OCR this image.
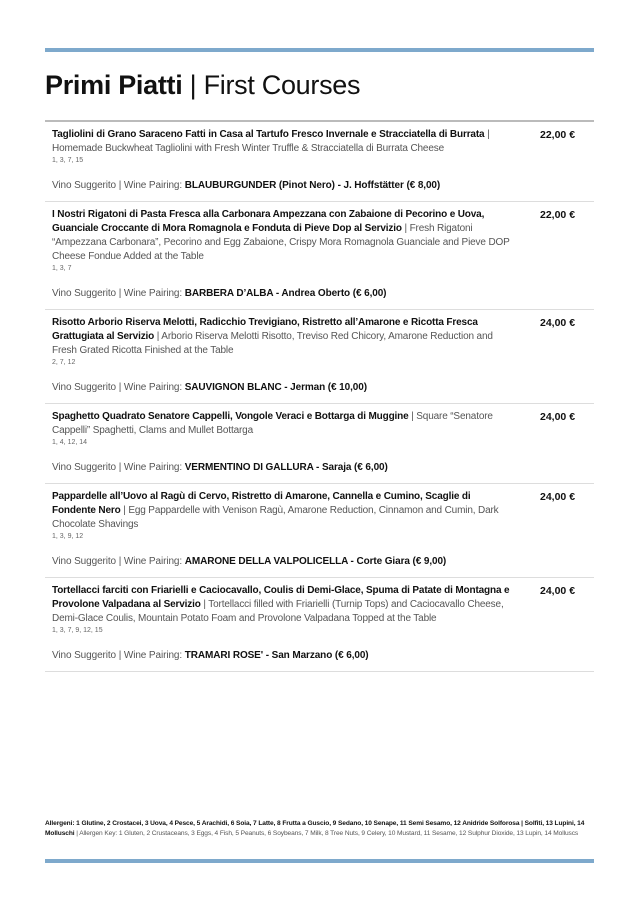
Primi Piatti | First Courses
Tagliolini di Grano Saraceno Fatti in Casa al Tartufo Fresco Invernale e Stracciatella di Burrata | Homemade Buckwheat Tagliolini with Fresh Winter Truffle & Stracciatella di Burrata Cheese
1, 3, 7, 15
22,00 €
Vino Suggerito | Wine Pairing: BLAUBURGUNDER (Pinot Nero) - J. Hoffstätter (€ 8,00)
I Nostri Rigatoni di Pasta Fresca alla Carbonara Ampezzana con Zabaione di Pecorino e Uova, Guanciale Croccante di Mora Romagnola e Fonduta di Pieve Dop al Servizio | Fresh Rigatoni “Ampezzana Carbonara”, Pecorino and Egg Zabaione, Crispy Mora Romagnola Guanciale and Pieve DOP Cheese Fondue Added at the Table
1, 3, 7
22,00 €
Vino Suggerito | Wine Pairing: BARBERA D’ALBA - Andrea Oberto (€ 6,00)
Risotto Arborio Riserva Melotti, Radicchio Trevigiano, Ristretto all’Amarone e Ricotta Fresca Grattugiata al Servizio | Arborio Riserva Melotti Risotto, Treviso Red Chicory, Amarone Reduction and Fresh Grated Ricotta Finished at the Table
2, 7, 12
24,00 €
Vino Suggerito | Wine Pairing: SAUVIGNON BLANC - Jerman (€ 10,00)
Spaghetto Quadrato Senatore Cappelli, Vongole Veraci e Bottarga di Muggine | Square “Senatore Cappelli” Spaghetti, Clams and Mullet Bottarga
1, 4, 12, 14
24,00 €
Vino Suggerito | Wine Pairing: VERMENTINO DI GALLURA - Saraja (€ 6,00)
Pappardelle all’Uovo al Ragù di Cervo, Ristretto di Amarone, Cannella e Cumino, Scaglie di Fondente Nero | Egg Pappardelle with Venison Ragù, Amarone Reduction, Cinnamon and Cumin, Dark Chocolate Shavings
1, 3, 9, 12
24,00 €
Vino Suggerito | Wine Pairing: AMARONE DELLA VALPOLICELLA - Corte Giara (€ 9,00)
Tortellacci farciti con Friarielli e Caciocavallo, Coulis di Demi-Glace, Spuma di Patate di Montagna e Provolone Valpadana al Servizio | Tortellacci filled with Friarielli (Turnip Tops) and Caciocavallo Cheese, Demi-Glace Coulis, Mountain Potato Foam and Provolone Valpadana Topped at the Table
1, 3, 7, 9, 12, 15
24,00 €
Vino Suggerito | Wine Pairing: TRAMARI ROSE' - San Marzano (€ 6,00)
Allergeni: 1 Glutine, 2 Crostacei, 3 Uova, 4 Pesce, 5 Arachidi, 6 Soia, 7 Latte, 8 Frutta a Guscio, 9 Sedano, 10 Senape, 11 Semi Sesamo, 12 Anidride Solforosa | Solfiti, 13 Lupini, 14 Molluschi | Allergen Key: 1 Gluten, 2 Crustaceans, 3 Eggs, 4 Fish, 5 Peanuts, 6 Soybeans, 7 Milk, 8 Tree Nuts, 9 Celery, 10 Mustard, 11 Sesame, 12 Sulphur Dioxide, 13 Lupin, 14 Molluscs
